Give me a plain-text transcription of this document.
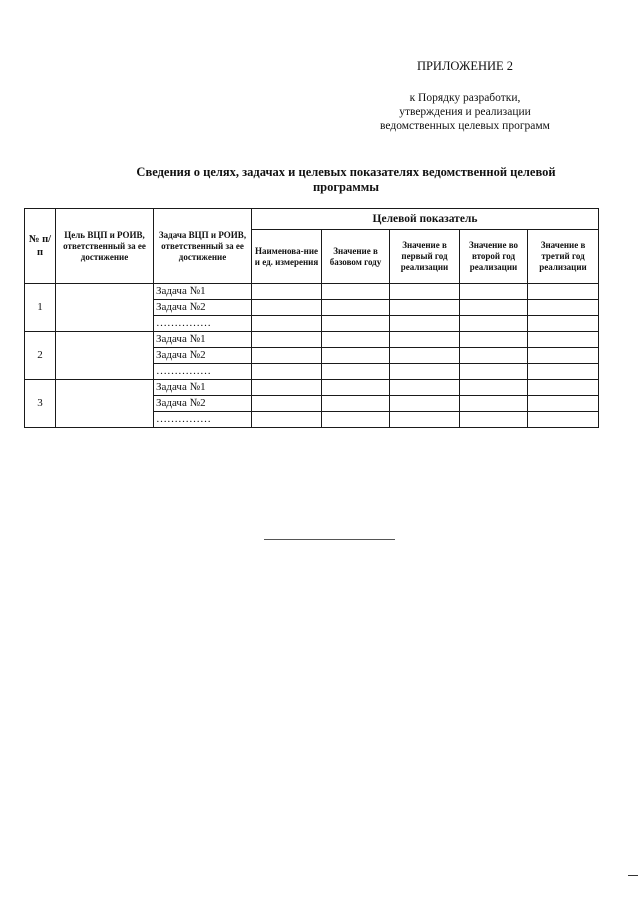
ПРИЛОЖЕНИЕ 2
к Порядку разработки,
утверждения и реализации
ведомственных целевых программ
Сведения о целях, задачах и целевых показателях ведомственной целевой программы
№ п/п	Цель ВЦП и РОИВ, ответственный за ее достижение	Задача ВЦП и РОИВ, ответственный за ее достижение	Целевой показатель				
			Наименова-ние и ед. измерения	Значение в базовом году	Значение в первый год реализации	Значение во второй год реализации	Значение в третий год реализации
1		Задача №1					
		Задача №2					
		……………					
2		Задача №1					
		Задача №2					
		……………					
3		Задача №1					
		Задача №2					
		……………					
